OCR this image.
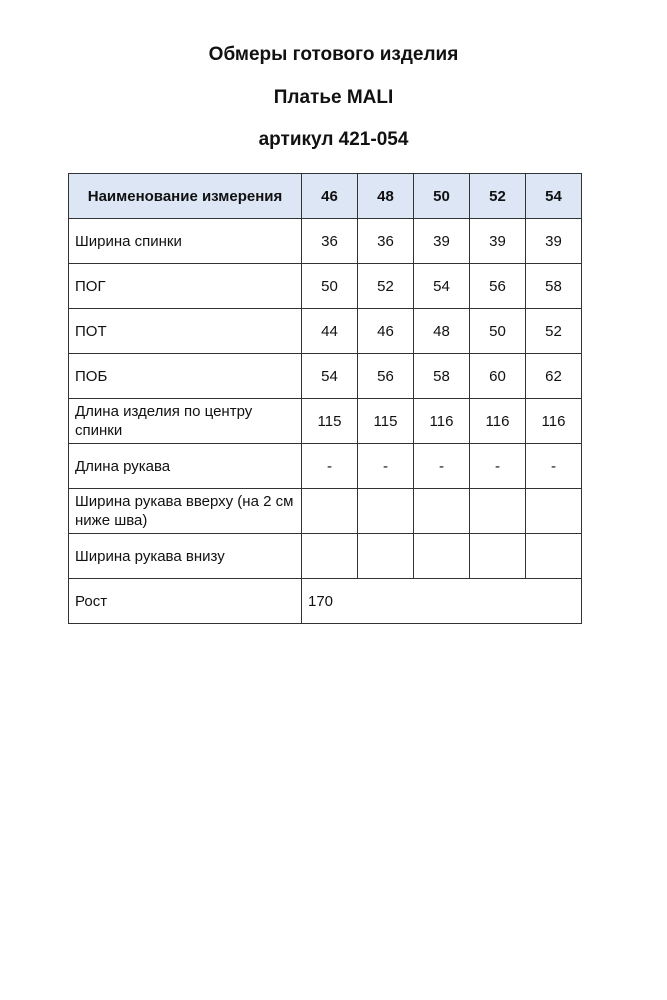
Обмеры готового изделия
Платье MALI
артикул 421-054
Наименование измерения	46	48	50	52	54
Ширина спинки	36	36	39	39	39
ПОГ	50	52	54	56	58
ПОТ	44	46	48	50	52
ПОБ	54	56	58	60	62
Длина изделия по центру спинки	115	115	116	116	116
Длина рукава	-	-	-	-	-
Ширина рукава вверху (на 2 см ниже шва)					
Ширина рукава внизу					
Рост	170				
